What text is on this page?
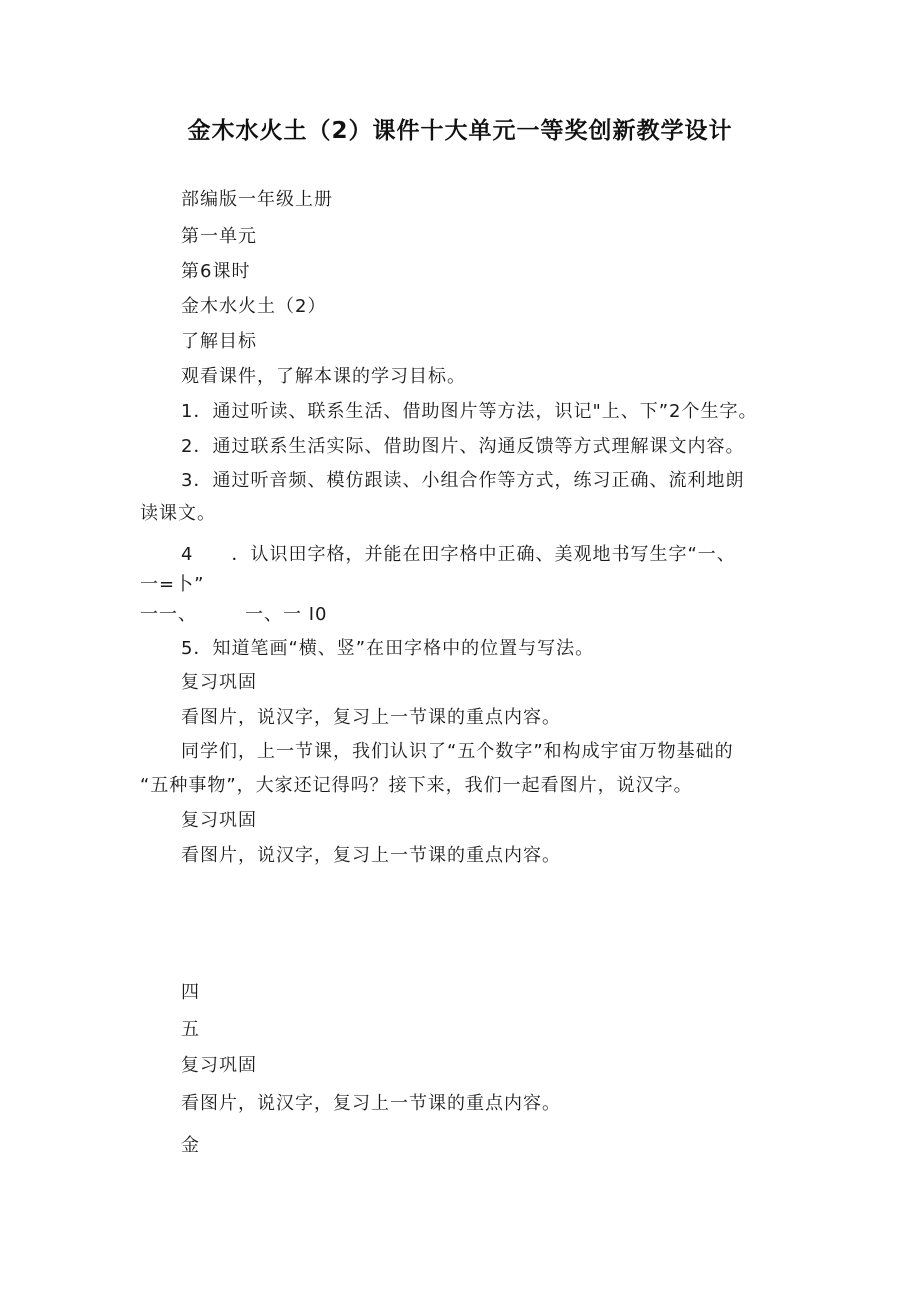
金木水火土（2）课件十大单元一等奖创新教学设计
部编版一年级上册
第一单元
第6课时
金木水火土（2）
了解目标
观看课件，了解本课的学习目标。
1．通过听读、联系生活、借助图片等方法，识记"上、下”2个生字。
2．通过联系生活实际、借助图片、沟通反馈等方式理解课文内容。
3．通过听音频、模仿跟读、小组合作等方式，练习正确、流利地朗
读课文。
4　　．认识田字格，并能在田字格中正确、美观地书写生字“一、
一=卜”
一一、　　　一、一 I0
5．知道笔画“横、竖”在田字格中的位置与写法。
复习巩固
看图片，说汉字，复习上一节课的重点内容。
同学们，上一节课，我们认识了“五个数字”和构成宇宙万物基础的
“五种事物”，大家还记得吗？接下来，我们一起看图片，说汉字。
复习巩固
看图片，说汉字，复习上一节课的重点内容。
四
五
复习巩固
看图片，说汉字，复习上一节课的重点内容。
金
